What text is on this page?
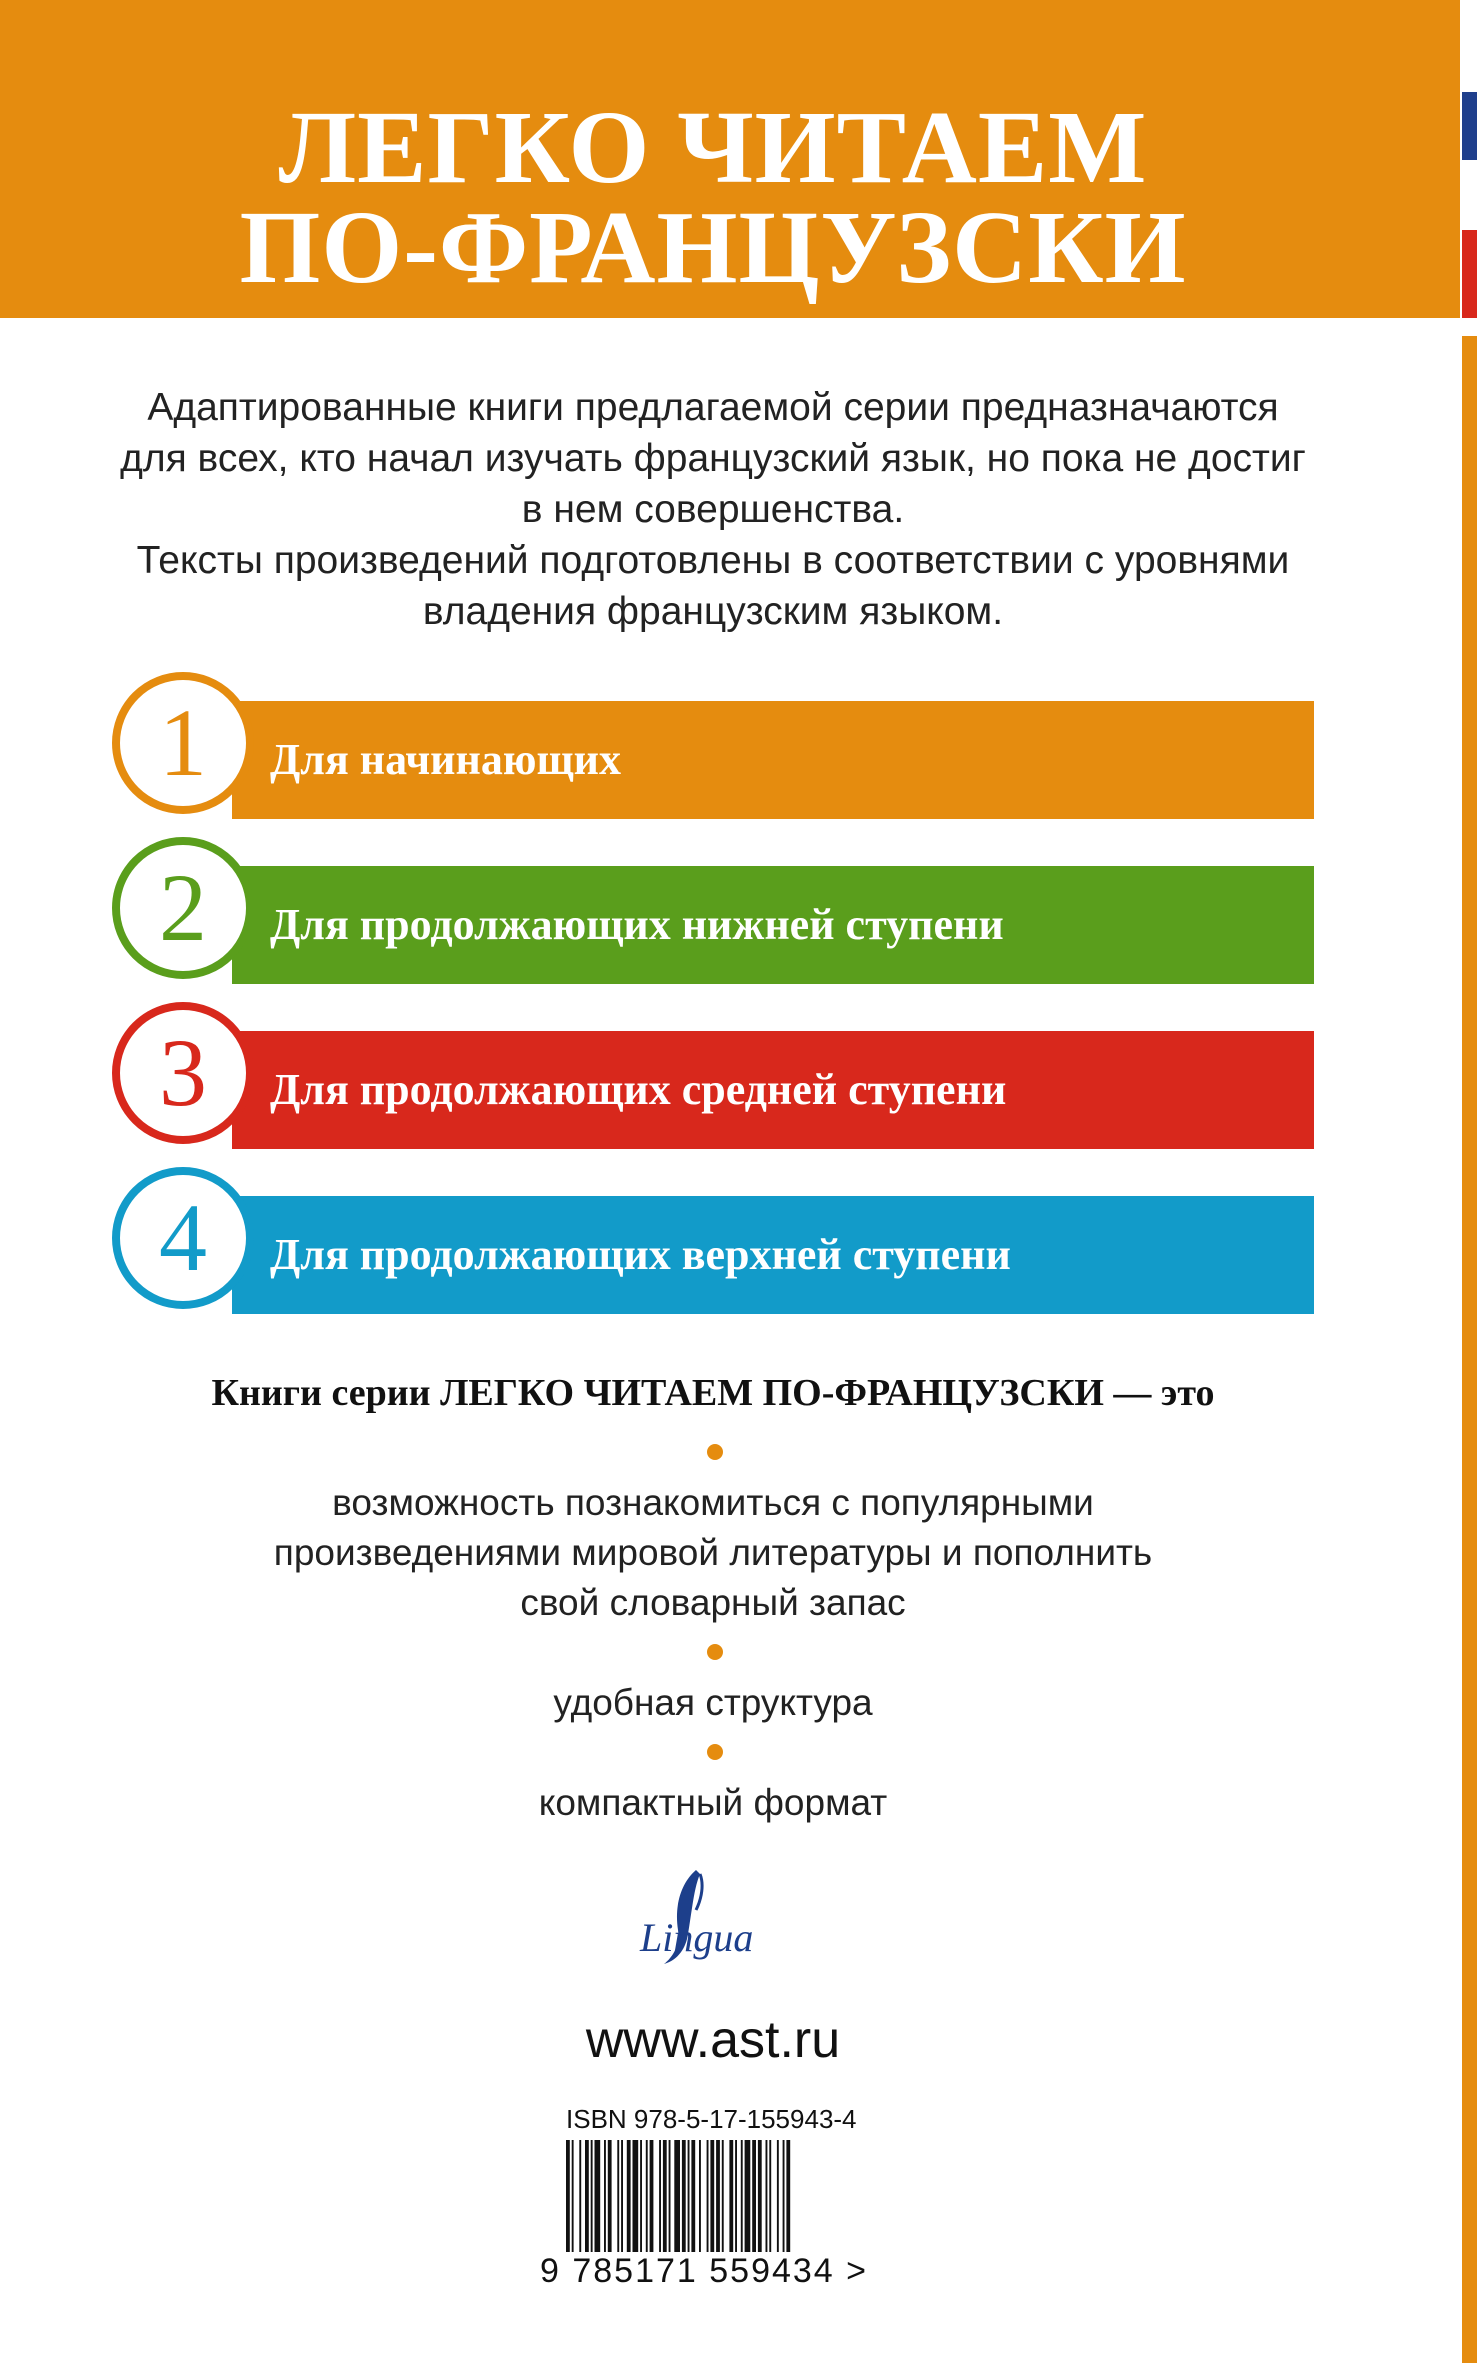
ЛЕГКО ЧИТАЕМ
ПО-ФРАНЦУЗСКИ

Адаптированные книги предлагаемой серии предназначаются

для всех, кто начал изучать французский язык, но пока не достиг

в нем совершенства.

Тексты произведений подготовлены в соответствии с уровнями

владения французским языком.

1	Для начинающих
2	Для продолжающих нижней ступени
3	Для продолжающих средней ступени
4	Для продолжающих верхней ступени
Книги серии ЛЕГКО ЧИТАЕМ ПО-ФРАНЦУЗСКИ — это

возможность познакомиться с популярными

произведениями мировой литературы и пополнить

свой словарный запас

удобная структура

компактный формат

Lingua
www.ast.ru
ISBN 978-5-17-155943-4
9 785171 559434 >
